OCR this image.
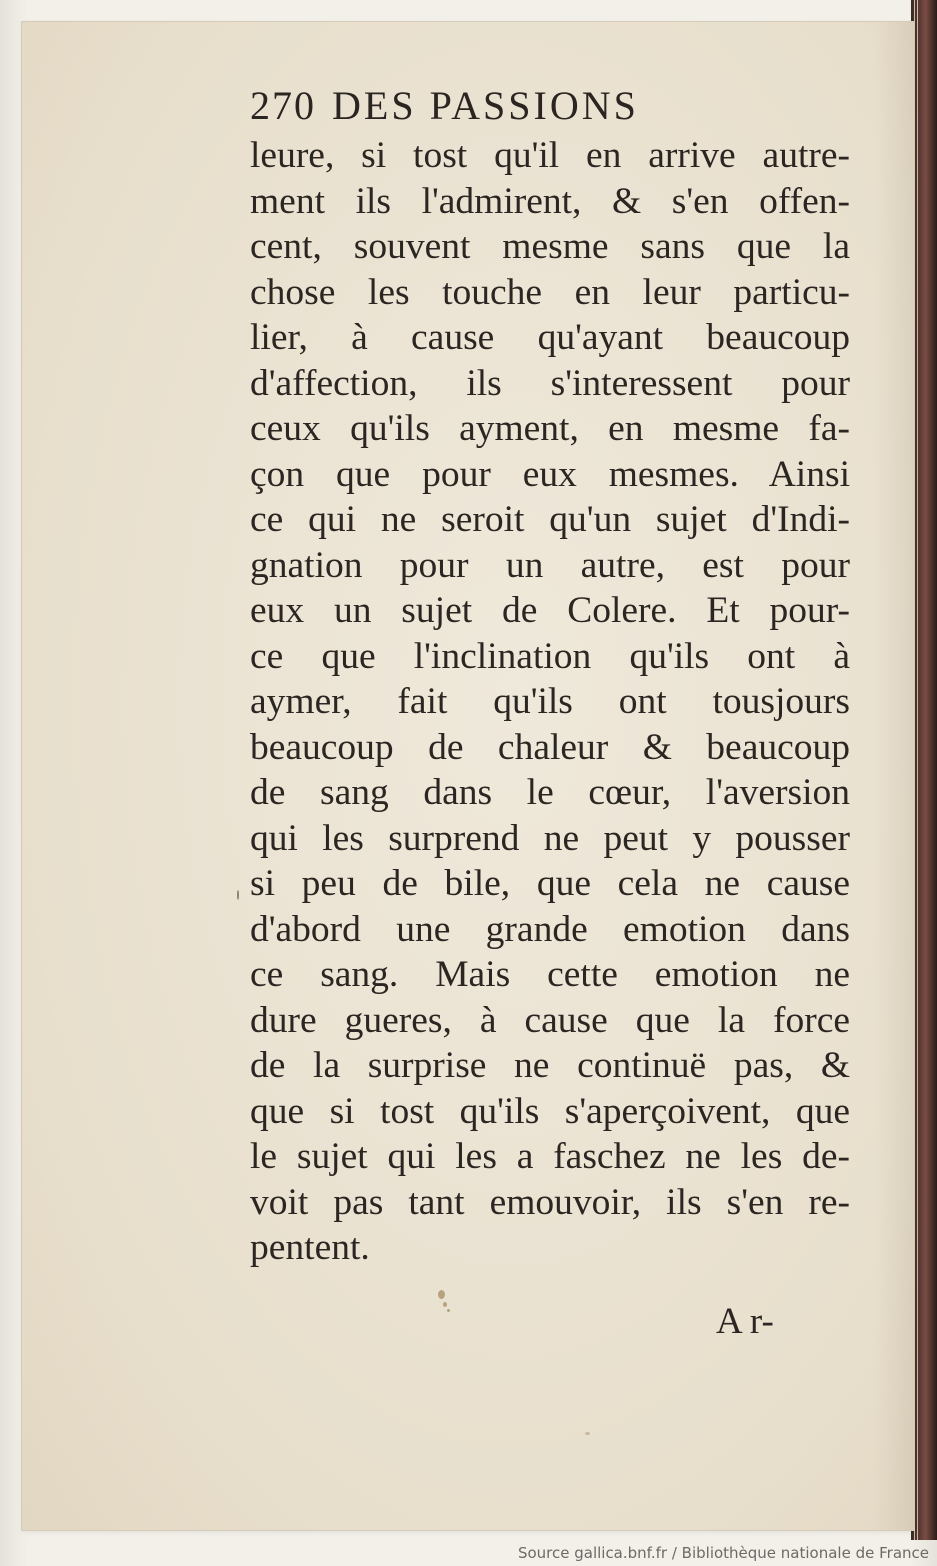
270 DES PASSIONS
leure, si tost qu'il en arrive autre-
ment ils l'admirent, & s'en offen-
cent, souvent mesme sans que la
chose les touche en leur particu-
lier, à cause qu'ayant beaucoup
d'affection, ils s'interessent pour
ceux qu'ils ayment, en mesme fa-
çon que pour eux mesmes. Ainsi
ce qui ne seroit qu'un sujet d'Indi-
gnation pour un autre, est pour
eux un sujet de Colere. Et pour-
ce que l'inclination qu'ils ont à
aymer, fait qu'ils ont tousjours
beaucoup de chaleur & beaucoup
de sang dans le cœur, l'aversion
qui les surprend ne peut y pousser
si peu de bile, que cela ne cause
d'abord une grande emotion dans
ce sang. Mais cette emotion ne
dure gueres, à cause que la force
de la surprise ne continuë pas, &
que si tost qu'ils s'aperçoivent, que
le sujet qui les a faschez ne les de-
voit pas tant emouvoir, ils s'en re-
pentent.
A r-
Source gallica.bnf.fr / Bibliothèque nationale de France
